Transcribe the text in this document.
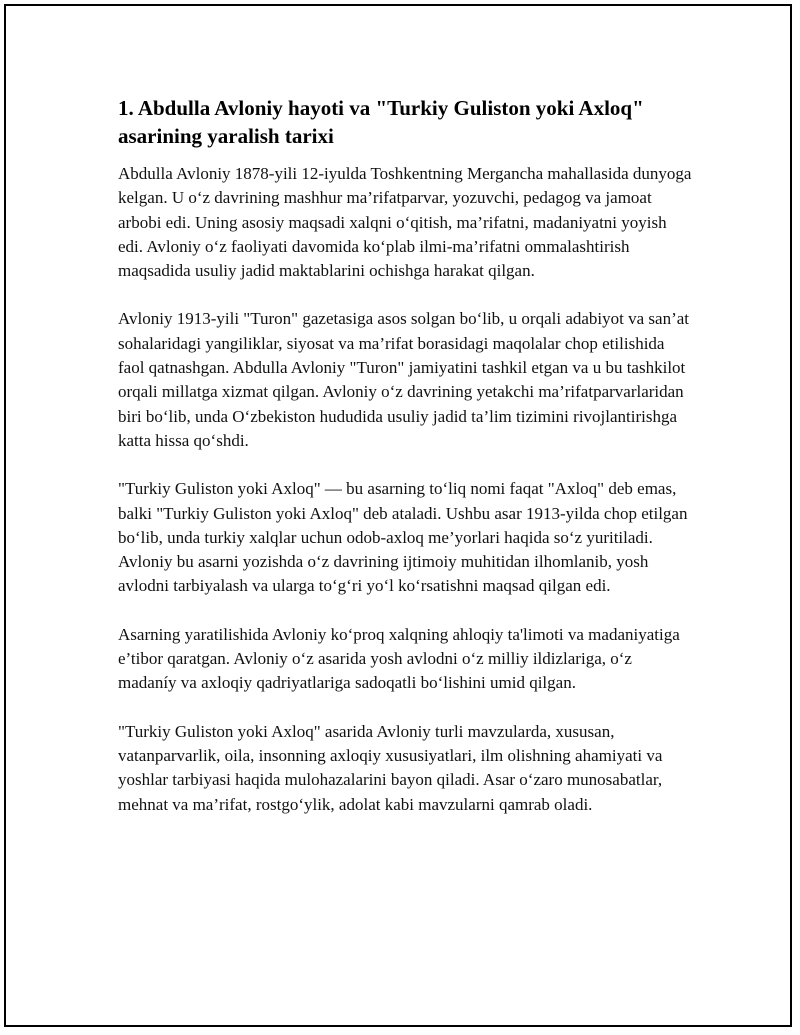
1. Abdulla Avloniy hayoti va "Turkiy Guliston yoki Axloq" asarining yaralish tarixi

Abdulla Avloniy 1878-yili 12-iyulda Toshkentning Merganchа mahallasida dunyoga kelgan. U o‘z davrining mashhur ma’rifatparvar, yozuvchi, pedagog va jamoat arbobi edi. Uning asosiy maqsadi xalqni o‘qitish, ma’rifatni, madaniyatni yoyish edi. Avloniy o‘z faoliyati davomida ko‘plab ilmi-ma’rifatni ommalashtirish maqsadida usuliy jadid maktablarini ochishga harakat qilgan.

Avloniy 1913-yili "Turon" gazetasiga asos solgan bo‘lib, u orqali adabiyot va san’at sohalaridagi yangiliklar, siyosat va ma’rifat borasidagi maqolalar chop etilishida faol qatnashgan. Abdulla Avloniy "Turon" jamiyatini tashkil etgan va u bu tashkilot orqali millatga xizmat qilgan. Avloniy o‘z davrining yetakchi ma’rifatparvarlaridan biri bo‘lib, unda O‘zbekiston hududida usuliy jadid ta’lim tizimini rivojlantirishga katta hissa qo‘shdi.

"Turkiy Guliston yoki Axloq" — bu asarning to‘liq nomi faqat "Axloq" deb emas, balki "Turkiy Guliston yoki Axloq" deb ataladi. Ushbu asar 1913-yilda chop etilgan bo‘lib, unda turkiy xalqlar uchun odob-axloq me’yorlari haqida so‘z yuritiladi. Avloniy bu asarni yozishda o‘z davrining ijtimoiy muhitidan ilhomlanib, yosh avlodni tarbiyalash va ularga to‘g‘ri yo‘l ko‘rsatishni maqsad qilgan edi.

Asarning yaratilishida Avloniy ko‘proq xalqning ahloqiy ta'limoti va madaniyatiga e’tibor qaratgan. Avloniy o‘z asarida yosh avlodni o‘z milliy ildizlariga, o‘z madaníy va axloqiy qadriyatlariga sadoqatli bo‘lishini umid qilgan.

"Turkiy Guliston yoki Axloq" asarida Avloniy turli mavzularda, xususan, vatanparvarlik, oila, insonning axloqiy xususiyatlari, ilm olishning ahamiyati va yoshlar tarbiyasi haqida mulohazalarini bayon qiladi. Asar o‘zaro munosabatlar, mehnat va ma’rifat, rostgo‘ylik, adolat kabi mavzularni qamrab oladi.
